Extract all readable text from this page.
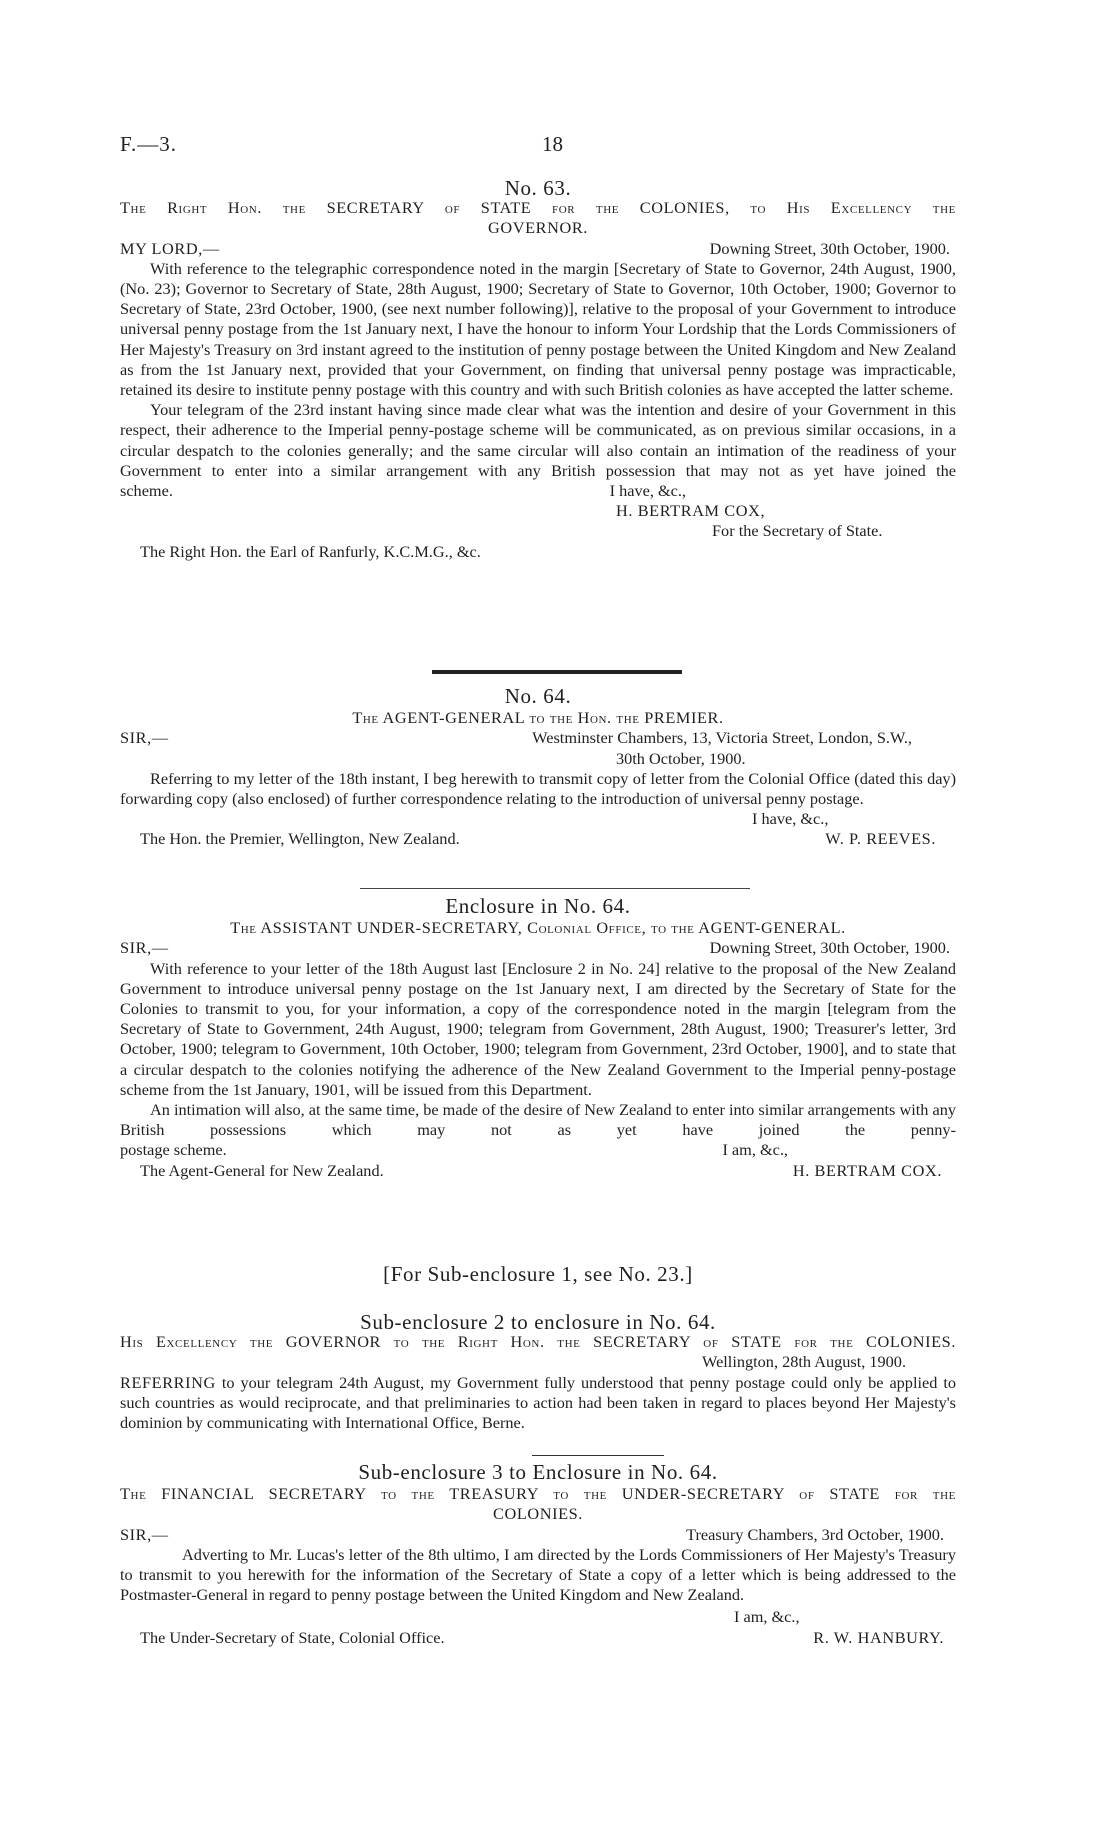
F.—3.	18
No. 63.
The Right Hon. the SECRETARY of STATE for the COLONIES, to His Excellency the
GOVERNOR.
MY LORD,—	Downing Street, 30th October, 1900.

With reference to the telegraphic correspondence noted in the margin [Secretary of State to Governor, 24th August, 1900, (No. 23); Governor to Secretary of State, 28th August, 1900; Secretary of State to Governor, 10th October, 1900; Governor to Secretary of State, 23rd October, 1900, (see next number following)], relative to the proposal of your Government to introduce universal penny postage from the 1st January next, I have the honour to inform Your Lordship that the Lords Commissioners of Her Majesty's Treasury on 3rd instant agreed to the institution of penny postage between the United Kingdom and New Zealand as from the 1st January next, provided that your Government, on finding that universal penny postage was impracticable, retained its desire to institute penny postage with this country and with such British colonies as have accepted the latter scheme.

Your telegram of the 23rd instant having since made clear what was the intention and desire of your Government in this respect, their adherence to the Imperial penny-postage scheme will be communicated, as on previous similar occasions, in a circular despatch to the colonies generally; and the same circular will also contain an intimation of the readiness of your Government to enter into a similar arrangement with any British possession that may not as yet have joined the

scheme.	I have, &c.,
H. BERTRAM COX,
For the Secretary of State.
The Right Hon. the Earl of Ranfurly, K.C.M.G., &c.
No. 64.
The AGENT-GENERAL to the Hon. the PREMIER.
SIR,—	Westminster Chambers, 13, Victoria Street, London, S.W.,
30th October, 1900.

Referring to my letter of the 18th instant, I beg herewith to transmit copy of letter from the Colonial Office (dated this day) forwarding copy (also enclosed) of further correspondence relating to the introduction of universal penny postage.

I have, &c.,
The Hon. the Premier, Wellington, New Zealand.	W. P. REEVES.
Enclosure in No. 64.
The ASSISTANT UNDER-SECRETARY, Colonial Office, to the AGENT-GENERAL.
SIR,—	Downing Street, 30th October, 1900.

With reference to your letter of the 18th August last [Enclosure 2 in No. 24] relative to the proposal of the New Zealand Government to introduce universal penny postage on the 1st January next, I am directed by the Secretary of State for the Colonies to transmit to you, for your information, a copy of the correspondence noted in the margin [telegram from the Secretary of State to Government, 24th August, 1900; telegram from Government, 28th August, 1900; Treasurer's letter, 3rd October, 1900; telegram to Government, 10th October, 1900; telegram from Government, 23rd October, 1900], and to state that a circular despatch to the colonies notifying the adherence of the New Zealand Government to the Imperial penny-postage scheme from the 1st January, 1901, will be issued from this Department.

An intimation will also, at the same time, be made of the desire of New Zealand to enter into similar arrangements with any British possessions which may not as yet have joined the penny-

postage scheme.	I am, &c.,
The Agent-General for New Zealand.	H. BERTRAM COX.
[For Sub-enclosure 1, see No. 23.]
Sub-enclosure 2 to enclosure in No. 64.
His Excellency the GOVERNOR to the Right Hon. the SECRETARY of STATE for the COLONIES.
Wellington, 28th August, 1900.

REFERRING to your telegram 24th August, my Government fully understood that penny postage could only be applied to such countries as would reciprocate, and that preliminaries to action had been taken in regard to places beyond Her Majesty's dominion by communicating with International Office, Berne.

Sub-enclosure 3 to Enclosure in No. 64.
The FINANCIAL SECRETARY to the TREASURY to the UNDER-SECRETARY of STATE for the
COLONIES.
SIR,—	Treasury Chambers, 3rd October, 1900.

Adverting to Mr. Lucas's letter of the 8th ultimo, I am directed by the Lords Commissioners of Her Majesty's Treasury to transmit to you herewith for the information of the Secretary of State a copy of a letter which is being addressed to the Postmaster-General in regard to penny postage between the United Kingdom and New Zealand.

I am, &c.,
The Under-Secretary of State, Colonial Office.	R. W. HANBURY.
